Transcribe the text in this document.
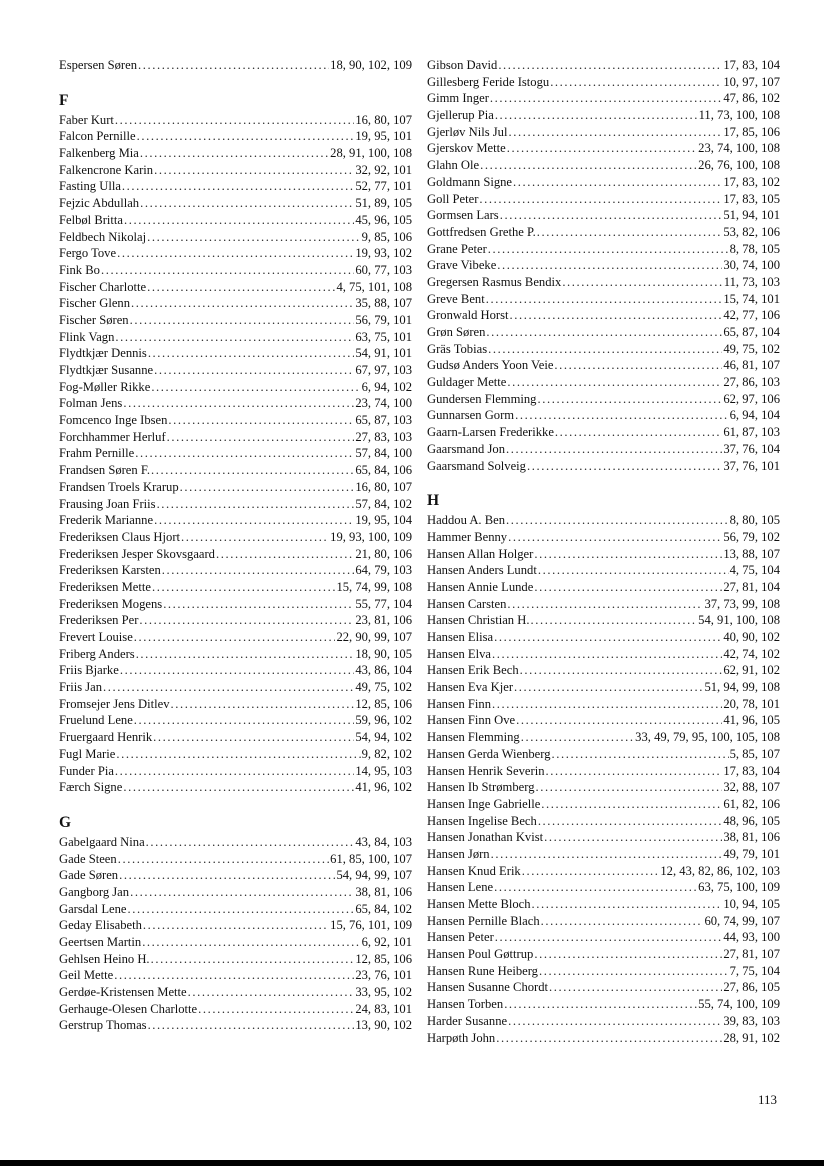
Espersen Søren .....	18, 90, 102, 109
F
Faber Kurt .....	16, 80, 107
Falcon Pernille .....	19, 95, 101
Falkenberg Mia .....	28, 91, 100, 108
Falkencrone Karin .....	32, 92, 101
Fasting Ulla .....	52, 77, 101
Fejzic Abdullah .....	51, 89, 105
Felbøl Britta .....	45, 96, 105
Feldbech Nikolaj .....	9, 85, 106
Fergo Tove .....	19, 93, 102
Fink Bo .....	60, 77, 103
Fischer Charlotte .....	4, 75, 101, 108
Fischer Glenn .....	35, 88, 107
Fischer Søren .....	56, 79, 101
Flink Vagn .....	63, 75, 101
Flydtkjær Dennis .....	54, 91, 101
Flydtkjær Susanne .....	67, 97, 103
Fog-Møller Rikke .....	6, 94, 102
Folman Jens .....	23, 74, 100
Fomcenco Inge Ibsen .....	65, 87, 103
Forchhammer Herluf .....	27, 83, 103
Frahm Pernille .....	57, 84, 100
Frandsen Søren F. .....	65, 84, 106
Frandsen Troels Krarup .....	16, 80, 107
Frausing Joan Friis .....	57, 84, 102
Frederik Marianne .....	19, 95, 104
Frederiksen Claus Hjort .....	19, 93, 100, 109
Frederiksen Jesper Skovsgaard .....	21, 80, 106
Frederiksen Karsten .....	64, 79, 103
Frederiksen Mette .....	15, 74, 99, 108
Frederiksen Mogens .....	55, 77, 104
Frederiksen Per .....	23, 81, 106
Frevert Louise .....	22, 90, 99, 107
Friberg Anders .....	18, 90, 105
Friis Bjarke .....	43, 86, 104
Friis Jan .....	49, 75, 102
Fromsejer Jens Ditlev .....	12, 85, 106
Fruelund Lene .....	59, 96, 102
Fruergaard Henrik .....	54, 94, 102
Fugl Marie .....	9, 82, 102
Funder Pia .....	14, 95, 103
Færch Signe .....	41, 96, 102
G
Gabelgaard Nina .....	43, 84, 103
Gade Steen .....	61, 85, 100, 107
Gade Søren .....	54, 94, 99, 107
Gangborg Jan .....	38, 81, 106
Garsdal Lene .....	65, 84, 102
Geday Elisabeth .....	15, 76, 101, 109
Geertsen Martin .....	6, 92, 101
Gehlsen Heino H. .....	12, 85, 106
Geil Mette .....	23, 76, 101
Gerdøe-Kristensen Mette .....	33, 95, 102
Gerhauge-Olesen Charlotte .....	24, 83, 101
Gerstrup Thomas .....	13, 90, 102
Gibson David .....	17, 83, 104
Gillesberg Feride Istogu .....	10, 97, 107
Gimm Inger .....	47, 86, 102
Gjellerup Pia .....	11, 73, 100, 108
Gjerløv Nils Jul .....	17, 85, 106
Gjerskov Mette .....	23, 74, 100, 108
Glahn Ole .....	26, 76, 100, 108
Goldmann Signe .....	17, 83, 102
Goll Peter .....	17, 83, 105
Gormsen Lars .....	51, 94, 101
Gottfredsen Grethe P. .....	53, 82, 106
Grane Peter .....	8, 78, 105
Grave Vibeke .....	30, 74, 100
Gregersen Rasmus Bendix .....	11, 73, 103
Greve Bent .....	15, 74, 101
Gronwald Horst .....	42, 77, 106
Grøn Søren .....	65, 87, 104
Gräs Tobias .....	49, 75, 102
Gudsø Anders Yoon Veie .....	46, 81, 107
Guldager Mette .....	27, 86, 103
Gundersen Flemming .....	62, 97, 106
Gunnarsen Gorm .....	6, 94, 104
Gaarn-Larsen Frederikke .....	61, 87, 103
Gaarsmand Jon .....	37, 76, 104
Gaarsmand Solveig .....	37, 76, 101
H
Haddou A. Ben .....	8, 80, 105
Hammer Benny .....	56, 79, 102
Hansen Allan Holger .....	13, 88, 107
Hansen Anders Lundt .....	4, 75, 104
Hansen Annie Lunde .....	27, 81, 104
Hansen Carsten .....	37, 73, 99, 108
Hansen Christian H. .....	54, 91, 100, 108
Hansen Elisa .....	40, 90, 102
Hansen Elva .....	42, 74, 102
Hansen Erik Bech .....	62, 91, 102
Hansen Eva Kjer .....	51, 94, 99, 108
Hansen Finn .....	20, 78, 101
Hansen Finn Ove .....	41, 96, 105
Hansen Flemming .....	33, 49, 79, 95, 100, 105, 108
Hansen Gerda Wienberg .....	5, 85, 107
Hansen Henrik Severin .....	17, 83, 104
Hansen Ib Strømberg .....	32, 88, 107
Hansen Inge Gabrielle .....	61, 82, 106
Hansen Ingelise Bech .....	48, 96, 105
Hansen Jonathan Kvist .....	38, 81, 106
Hansen Jørn .....	49, 79, 101
Hansen Knud Erik .....	12, 43, 82, 86, 102, 103
Hansen Lene .....	63, 75, 100, 109
Hansen Mette Bloch .....	10, 94, 105
Hansen Pernille Blach .....	60, 74, 99, 107
Hansen Peter .....	44, 93, 100
Hansen Poul Gøttrup .....	27, 81, 107
Hansen Rune Heiberg .....	7, 75, 104
Hansen Susanne Chordt .....	27, 86, 105
Hansen Torben .....	55, 74, 100, 109
Harder Susanne .....	39, 83, 103
Harpøth John .....	28, 91, 102
113
